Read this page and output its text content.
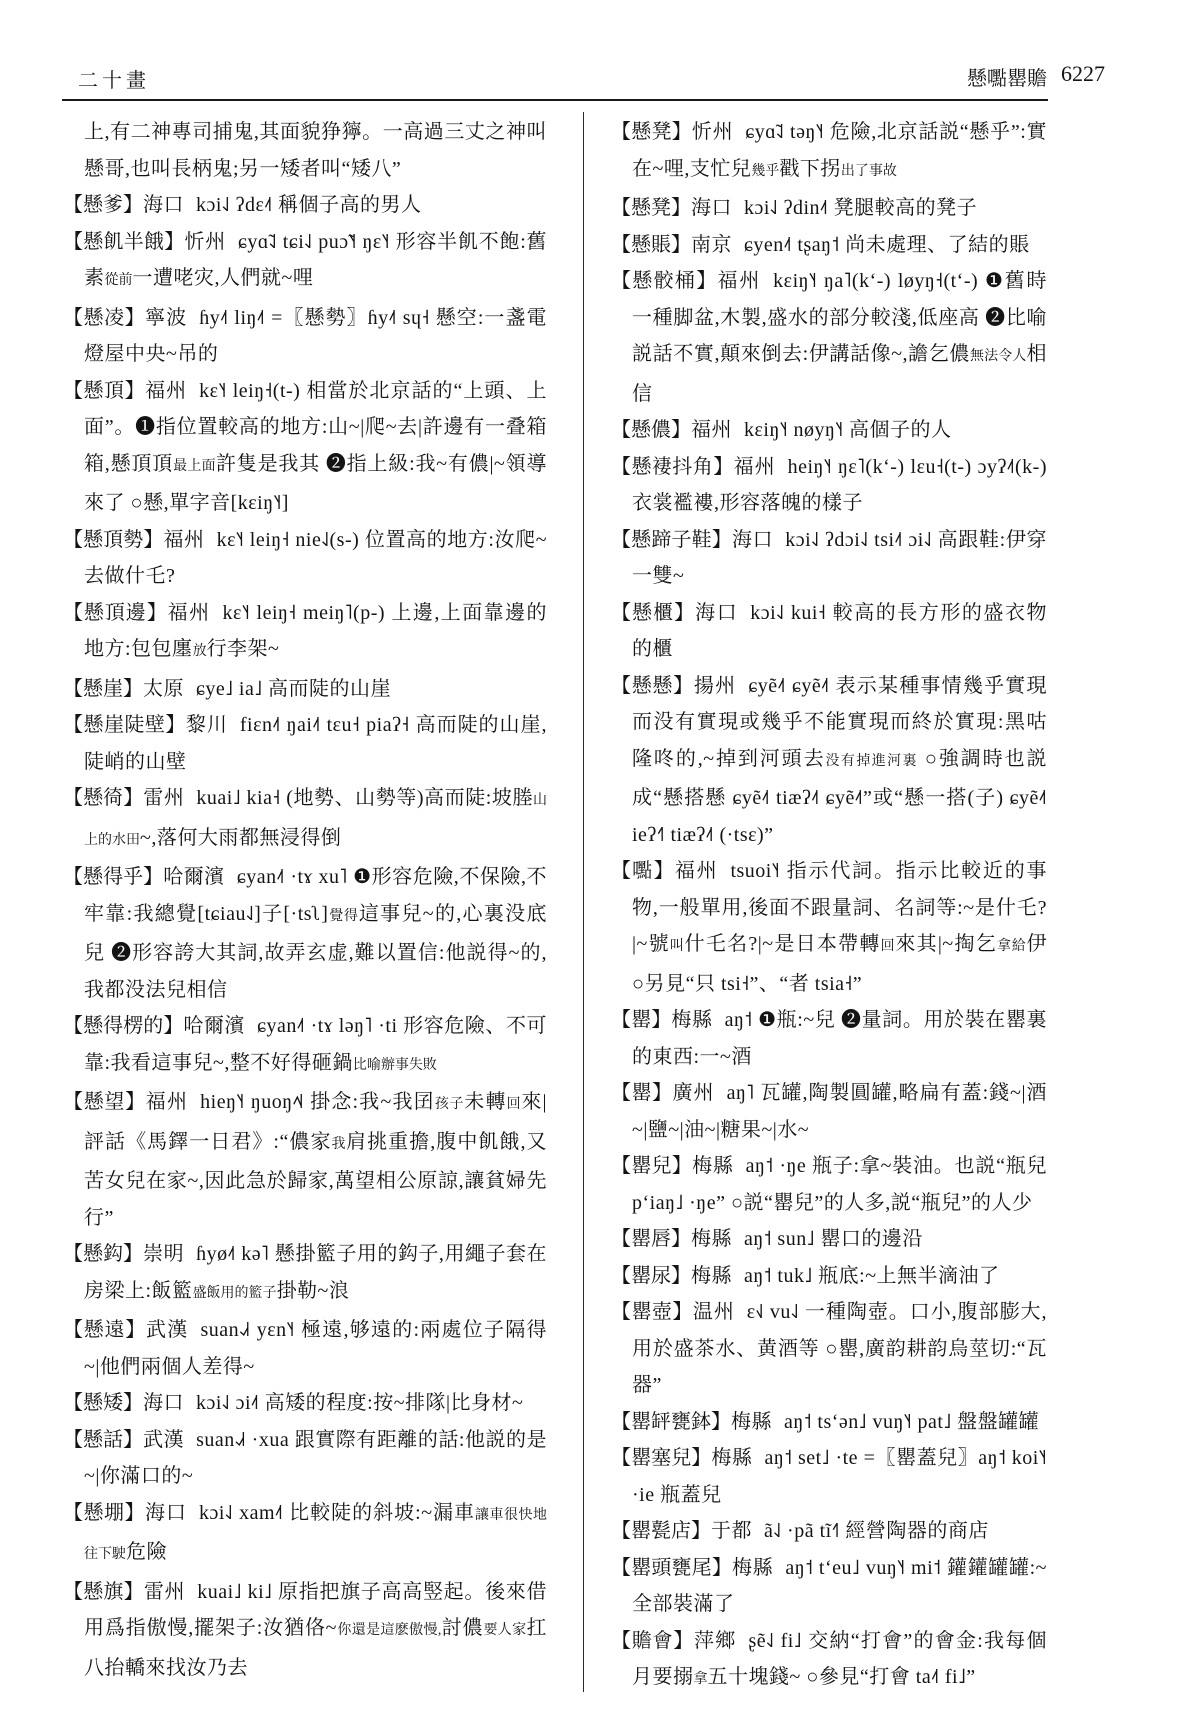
二十畫	懸嚸罌贍 6227
上,有二神專司捕鬼,其面貌狰獰。一高過三丈之神叫懸哥,也叫長柄鬼;另一矮者叫“矮八”
【懸爹】海口 kɔi˨˩ ʔdɛ˨˦ 稱個子高的男人
【懸飢半餓】忻州 ɕyɑ̃˨˩ tɕi˨˩ puɔ̃˥˧ ŋɛ˥˧ 形容半飢不飽:舊素從前一遭咾灾,人們就~哩
【懸凌】寧波 ɦy˨˦ liŋ˨˦ =〖懸勢〗ɦy˨˦ sɥ˧ 懸空:一盞電燈屋中央~吊的
【懸頂】福州 kɛ˥˧ leiŋ˧(t-) 相當於北京話的“上頭、上面”。❶指位置較高的地方:山~|爬~去|許邊有一叠箱箱,懸頂頂最上面許隻是我其 ❷指上級:我~有儂|~領導來了 ○懸,單字音[kɛiŋ˥˧]
【懸頂勢】福州 kɛ˥˧ leiŋ˧ nie˨˩(s-) 位置高的地方:汝爬~去做什乇?
【懸頂邊】福州 kɛ˥˧ leiŋ˧ meiŋ˥(p-) 上邊,上面靠邊的地方:包包廛放行李架~
【懸崖】太原 ɕye˩ ia˩ 高而陡的山崖
【懸崖陡壁】黎川 fiɛn˨˦ ŋai˨˦ tɛu˧ piaʔ˧ 高而陡的山崖,陡峭的山壁
【懸徛】雷州 kuai˩ kia˧ (地勢、山勢等)高而陡:坡塍山上的水田~,落何大雨都無浸得倒
【懸得乎】哈爾濱 ɕyan˨˦ ·tɤ xu˥ ❶形容危險,不保險,不牢靠:我總覺[tɕiau˨˩]子[·tsʅ]覺得這事兒~的,心裏没底兒 ❷形容誇大其詞,故弄玄虚,難以置信:他説得~的,我都没法兒相信
【懸得楞的】哈爾濱 ɕyan˨˦ ·tɤ ləŋ˥ ·ti 形容危險、不可靠:我看這事兒~,整不好得砸鍋比喻辦事失敗
【懸望】福州 hieŋ˥˧ ŋuoŋ˨˦˨ 掛念:我~我囝孩子未轉回來|評話《馬鐸一日君》:“儂家我肩挑重擔,腹中飢餓,又苦女兒在家~,因此急於歸家,萬望相公原諒,讓貧婦先行”
【懸鈎】崇明 ɦyø˨˦ kə˥ 懸掛籃子用的鈎子,用繩子套在房梁上:飯籃盛飯用的籃子掛勒~浪
【懸遠】武漢 suan˨˩˧ yɛn˥˧ 極遠,够遠的:兩處位子隔得~|他們兩個人差得~
【懸矮】海口 kɔi˨˩ ɔi˨˦ 高矮的程度:按~排隊|比身材~
【懸話】武漢 suan˨˩˧ ·xua 跟實際有距離的話:他説的是~|你滿口的~
【懸堋】海口 kɔi˨˩ xam˨˦ 比較陡的斜坡:~漏車讓車很快地往下駛危險
【懸旗】雷州 kuai˩ ki˩ 原指把旗子高高竪起。後來借用爲指傲慢,擺架子:汝猶佫~你還是這麽傲慢,討儂要人家扛八抬轎來找汝乃去
【懸凳】忻州 ɕyɑ̃˨˩ təŋ˥˧ 危險,北京話説“懸乎”:實在~哩,支忙兒幾乎戳下拐出了事故
【懸凳】海口 kɔi˨˩ ʔdin˨˦ 凳腿較高的凳子
【懸賬】南京 ɕyen˨˦ tʂaŋ˦ 尚未處理、了結的賬
【懸骹桶】福州 kɛiŋ˥˧ ŋa˥(kʻ-) løyŋ˧(tʻ-) ❶舊時一種脚盆,木製,盛水的部分較淺,低座高 ❷比喻説話不實,顛來倒去:伊講話像~,譫乞儂無法令人相信
【懸儂】福州 kɛiŋ˥˧ nøyŋ˥˧ 高個子的人
【懸褄抖角】福州 heiŋ˥˧ ŋɛ˥(kʻ-) lɛu˧(t-) ɔyʔ˨˦(k-) 衣裳襤褸,形容落魄的樣子
【懸蹄子鞋】海口 kɔi˨˩ ʔdɔi˨˩ tsi˨˦ ɔi˨˩ 高跟鞋:伊穿一雙~
【懸櫃】海口 kɔi˨˩ kui˧ 較高的長方形的盛衣物的櫃
【懸懸】揚州 ɕyẽ˨˦ ɕyẽ˨˦ 表示某種事情幾乎實現而没有實現或幾乎不能實現而終於實現:黑咕隆咚的,~掉到河頭去没有掉進河裏 ○強調時也説成“懸搭懸 ɕyẽ˨˦ tiæʔ˨˦ ɕyẽ˨˦”或“懸一搭(子) ɕyẽ˨˦ ieʔ˧˥ tiæʔ˨˦ (·tsɛ)”
【嚸】福州 tsuoi˥˧ 指示代詞。指示比較近的事物,一般單用,後面不跟量詞、名詞等:~是什乇?|~號叫什乇名?|~是日本帶轉回來其|~掏乞拿給伊 ○另見“只 tsi˧”、“者 tsia˧”
【罌】梅縣 aŋ˦ ❶瓶:~兒 ❷量詞。用於裝在罌裏的東西:一~酒
【罌】廣州 aŋ˥ 瓦罐,陶製圓罐,略扁有蓋:錢~|酒~|鹽~|油~|糖果~|水~
【罌兒】梅縣 aŋ˦ ·ŋe 瓶子:拿~裝油。也説“瓶兒 pʻiaŋ˩ ·ŋe” ○説“罌兒”的人多,説“瓶兒”的人少
【罌唇】梅縣 aŋ˦ sun˩ 罌口的邊沿
【罌尿】梅縣 aŋ˦ tuk˩ 瓶底:~上無半滴油了
【罌壺】温州 ɛ˧˩ vu˨˩ 一種陶壺。口小,腹部膨大,用於盛茶水、黄酒等 ○罌,廣韵耕韵烏莖切:“瓦器”
【罌䍈甕鉢】梅縣 aŋ˦ tsʻən˩ vuŋ˥˧ pat˩ 盤盤罐罐
【罌塞兒】梅縣 aŋ˦ set˩ ·te =〖罌蓋兒〗aŋ˦ koi˥˧ ·ie 瓶蓋兒
【罌甏店】于都 ã˨˩ ·pã tĩ˧˥ 經營陶器的商店
【罌頭甕尾】梅縣 aŋ˦ tʻeu˩ vuŋ˥˧ mi˦ 鑵鑵罐罐:~全部裝滿了
【贍會】萍鄉 ʂẽ˨˩ fi˩ 交納“打會”的會金:我每個月要搦拿五十塊錢~ ○參見“打會 ta˨˦ fi˩”
